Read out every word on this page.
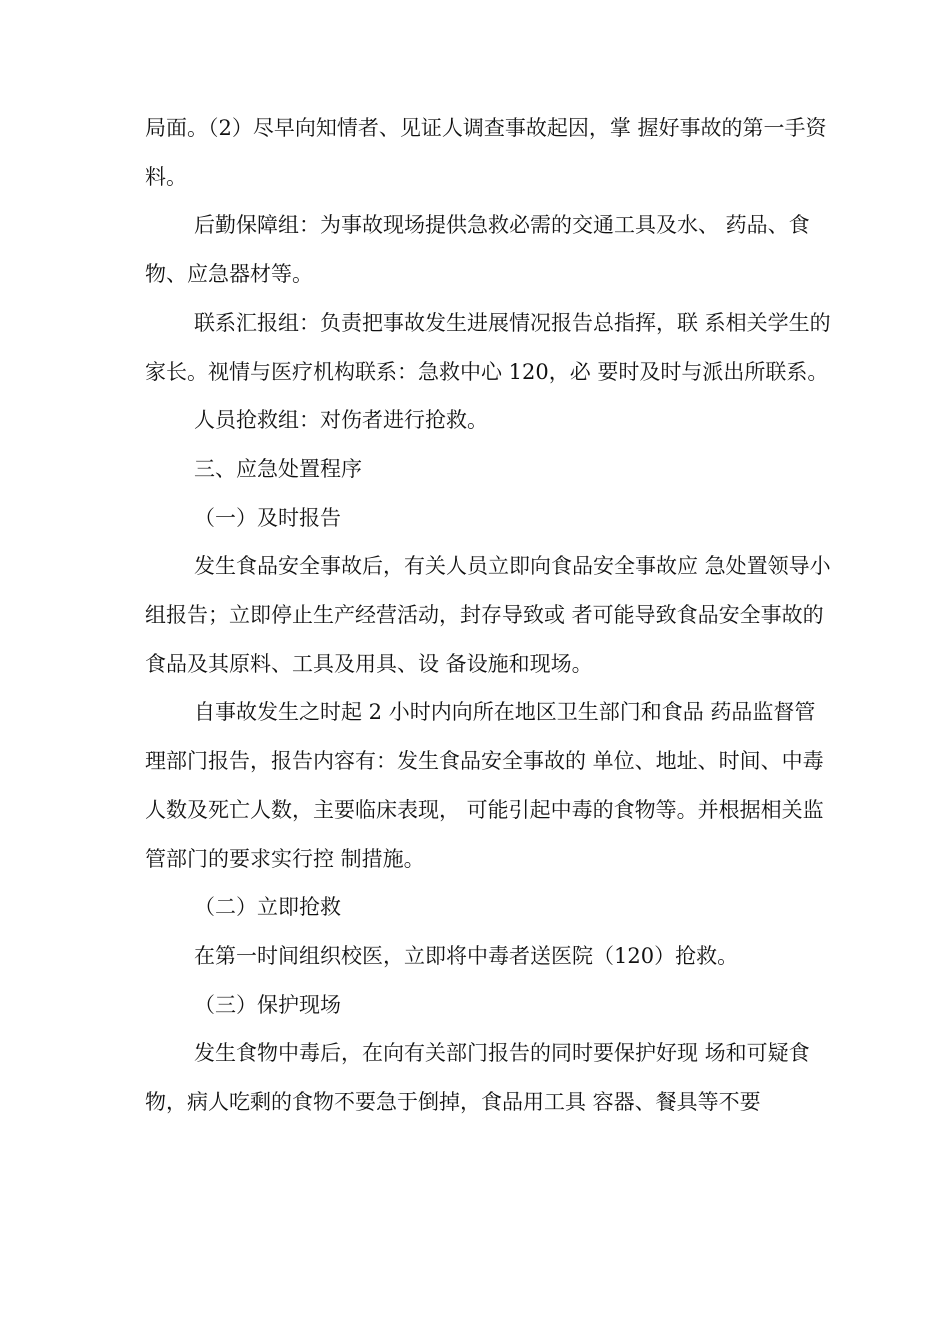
局面。（2）尽早向知情者、见证人调查事故起因，掌 握好事故的第一手资料。

后勤保障组：为事故现场提供急救必需的交通工具及水、 药品、食物、应急器材等。

联系汇报组：负责把事故发生进展情况报告总指挥，联 系相关学生的家长。视情与医疗机构联系：急救中心 120，必 要时及时与派出所联系。

人员抢救组：对伤者进行抢救。

三、应急处置程序

（一）及时报告

发生食品安全事故后，有关人员立即向食品安全事故应 急处置领导小组报告；立即停止生产经营活动，封存导致或 者可能导致食品安全事故的食品及其原料、工具及用具、设 备设施和现场。

自事故发生之时起 2 小时内向所在地区卫生部门和食品 药品监督管理部门报告，报告内容有：发生食品安全事故的 单位、地址、时间、中毒人数及死亡人数，主要临床表现， 可能引起中毒的食物等。并根据相关监管部门的要求实行控 制措施。

（二）立即抢救

在第一时间组织校医，立即将中毒者送医院（120）抢救。

（三）保护现场

发生食物中毒后，在向有关部门报告的同时要保护好现 场和可疑食物，病人吃剩的食物不要急于倒掉，食品用工具 容器、餐具等不要
